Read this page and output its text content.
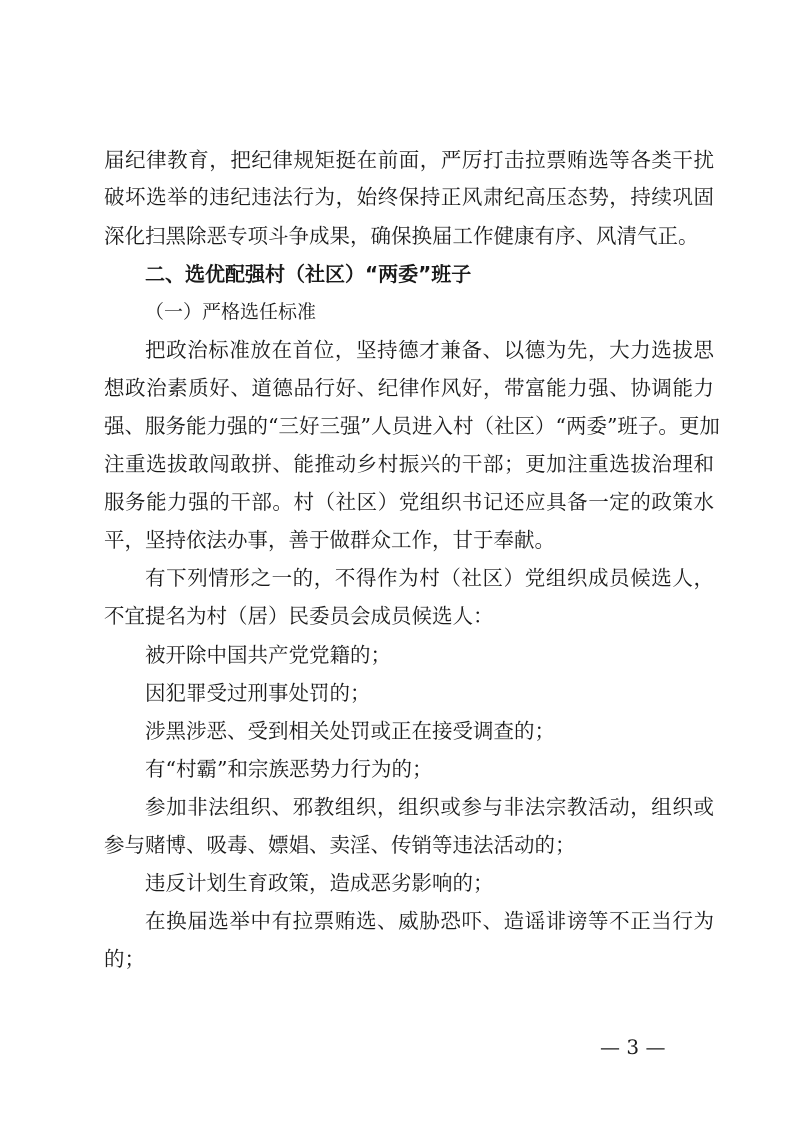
届纪律教育，把纪律规矩挺在前面，严厉打击拉票贿选等各类干扰
破坏选举的违纪违法行为，始终保持正风肃纪高压态势，持续巩固
深化扫黑除恶专项斗争成果，确保换届工作健康有序、风清气正。
二、选优配强村（社区）“两委”班子
（一）严格选任标准
把政治标准放在首位，坚持德才兼备、以德为先，大力选拔思
想政治素质好、道德品行好、纪律作风好，带富能力强、协调能力
强、服务能力强的“三好三强”人员进入村（社区）“两委”班子。更加
注重选拔敢闯敢拼、能推动乡村振兴的干部；更加注重选拔治理和
服务能力强的干部。村（社区）党组织书记还应具备一定的政策水
平，坚持依法办事，善于做群众工作，甘于奉献。
有下列情形之一的，不得作为村（社区）党组织成员候选人，
不宜提名为村（居）民委员会成员候选人：
被开除中国共产党党籍的；
因犯罪受过刑事处罚的；
涉黑涉恶、受到相关处罚或正在接受调查的；
有“村霸”和宗族恶势力行为的；
参加非法组织、邪教组织，组织或参与非法宗教活动，组织或
参与赌博、吸毒、嫖娼、卖淫、传销等违法活动的；
违反计划生育政策，造成恶劣影响的；
在换届选举中有拉票贿选、威胁恐吓、造谣诽谤等不正当行为
的；
— 3 —
